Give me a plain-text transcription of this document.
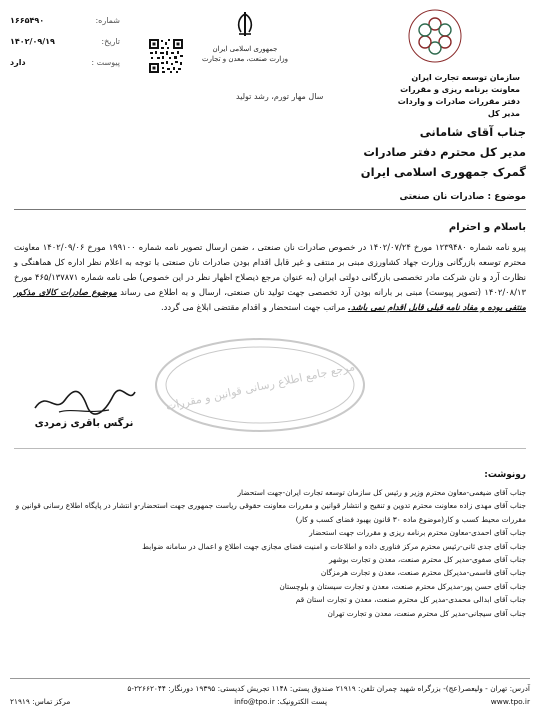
سازمان توسعه تجارت ایران
معاونت برنامه ریزی و مقررات
دفتر مقررات صادرات و واردات
مدیر کل
جمهوری اسلامی ایران
وزارت صنعت، معدن و تجارت
سال مهار تورم، رشد تولید
شماره:
۱۶۶۵۴۹۰
تاریخ:
۱۴۰۲/۰۹/۱۹
پیوست :
دارد
جناب آقای شامانی
مدیر کل محترم دفتر صادرات
گمرک جمهوری اسلامی ایران
موضوع : صادرات نان صنعتی
باسلام و احترام
پیرو نامه شماره ۱۲۳۹۴۸۰ مورخ ۱۴۰۲/۰۷/۲۴ در خصوص صادرات نان صنعتی ، ضمن ارسال تصویر نامه شماره ۱۹۹۱۰۰ مورخ ۱۴۰۲/۰۹/۰۶ معاونت محترم توسعه بازرگانی وزارت جهاد کشاورزی مبنی بر منتفی و غیر قابل اقدام بودن صادرات نان صنعتی با توجه به اعلام نظر اداره کل هماهنگی و نظارت آرد و نان شرکت مادر تخصصی بازرگانی دولتی ایران (به عنوان مرجع ذیصلاح اظهار نظر در این خصوص) طی نامه شماره ۴۶۵/۱۳۷۸۷۱ مورخ ۱۴۰۲/۰۸/۱۳ (تصویر پیوست) مبنی بر بارانه بودن آرد تخصصی جهت تولید نان صنعتی، ارسال و به اطلاع می رساند موضوع صادرات کالای مذکور منتفی بوده و مفاد نامه قبلی قابل اقدام نمی باشد. مراتب جهت استحضار و اقدام مقتضی ابلاغ می گردد.
مرجع جامع اطلاع رسانی قوانین و مقررات
نرگس باقری زمردی
رونوشت:
جناب آقای ضیغمی-معاون محترم وزیر و رئیس کل سازمان توسعه تجارت ایران-جهت استحضار
جناب آقای مهدی زاده معاونت محترم تدوین و تنقیح و انتشار قوانین و مقررات معاونت حقوقی ریاست جمهوری جهت استحضار-و انتشار در پایگاه اطلاع رسانی قوانین و مقررات محیط کسب و کار(موضوع ماده ۳۰ قانون بهبود فضای کسب و کار)
جناب آقای احمدی-معاون محترم برنامه ریزی و مقررات جهت استحضار
جناب آقای جدی ثانی-رئیس محترم مرکز فناوری داده و اطلاعات و امنیت فضای مجازی جهت اطلاع و اعمال در سامانه ضوابط
جناب آقای صفوی-مدیر کل محترم صنعت، معدن و تجارت بوشهر
جناب آقای قاسمی-مدیرکل محترم صنعت، معدن و تجارت هرمزگان
جناب آقای حسن پور-مدیرکل محترم صنعت، معدن و تجارت سیستان و بلوچستان
جناب آقای ابدالی محمدی-مدیر کل محترم صنعت، معدن و تجارت استان قم
جناب آقای سیجانی-مدیر کل محترم صنعت، معدن و تجارت تهران
آدرس: تهران - ولیعصر(عج)- بزرگراه شهید چمران تلفن: ۲۱۹۱۹ صندوق پستی: ۱۱۴۸ تجریش کدپستی: ۱۹۳۹۵ دورنگار: ۲۲۶۶۲۰۴۴-۵
www.tpo.ir
پست الکترونیک: info@tpo.ir
مرکز تماس: ۲۱۹۱۹
